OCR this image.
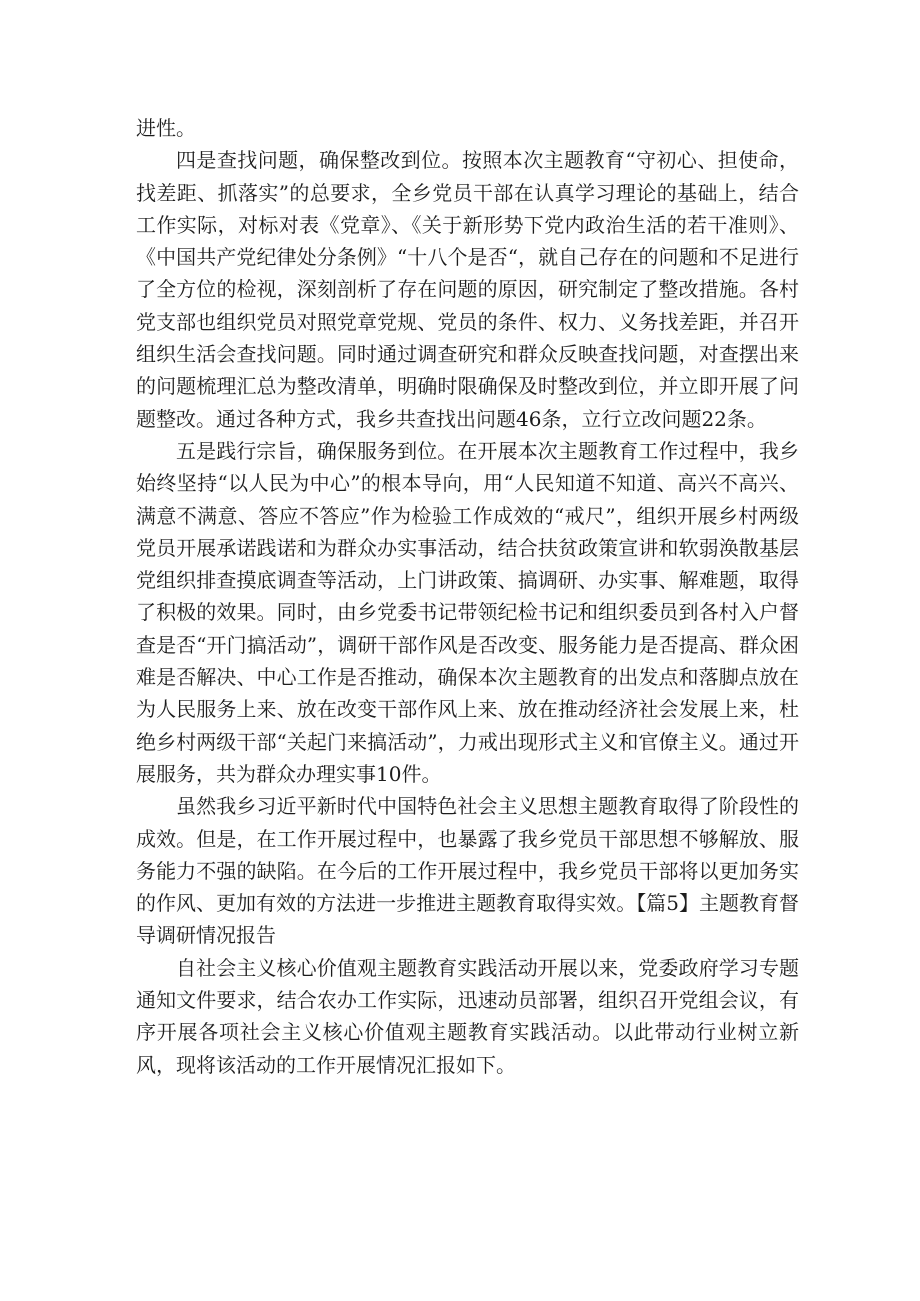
进性。

四是查找问题，确保整改到位。按照本次主题教育“守初心、担使命，找差距、抓落实”的总要求，全乡党员干部在认真学习理论的基础上，结合工作实际，对标对表《党章》、《关于新形势下党内政治生活的若干准则》、《中国共产党纪律处分条例》“十八个是否“，就自己存在的问题和不足进行了全方位的检视，深刻剖析了存在问题的原因，研究制定了整改措施。各村党支部也组织党员对照党章党规、党员的条件、权力、义务找差距，并召开组织生活会查找问题。同时通过调查研究和群众反映查找问题，对查摆出来的问题梳理汇总为整改清单，明确时限确保及时整改到位，并立即开展了问题整改。通过各种方式，我乡共查找出问题46条，立行立改问题22条。

五是践行宗旨，确保服务到位。在开展本次主题教育工作过程中，我乡始终坚持“以人民为中心”的根本导向，用“人民知道不知道、高兴不高兴、满意不满意、答应不答应”作为检验工作成效的“戒尺”，组织开展乡村两级党员开展承诺践诺和为群众办实事活动，结合扶贫政策宣讲和软弱涣散基层党组织排查摸底调查等活动，上门讲政策、搞调研、办实事、解难题，取得了积极的效果。同时，由乡党委书记带领纪检书记和组织委员到各村入户督查是否“开门搞活动”，调研干部作风是否改变、服务能力是否提高、群众困难是否解决、中心工作是否推动，确保本次主题教育的出发点和落脚点放在为人民服务上来、放在改变干部作风上来、放在推动经济社会发展上来，杜绝乡村两级干部“关起门来搞活动”，力戒出现形式主义和官僚主义。通过开展服务，共为群众办理实事10件。

虽然我乡习近平新时代中国特色社会主义思想主题教育取得了阶段性的成效。但是，在工作开展过程中，也暴露了我乡党员干部思想不够解放、服务能力不强的缺陷。在今后的工作开展过程中，我乡党员干部将以更加务实的作风、更加有效的方法进一步推进主题教育取得实效。【篇5】主题教育督导调研情况报告

自社会主义核心价值观主题教育实践活动开展以来，党委政府学习专题通知文件要求，结合农办工作实际，迅速动员部署，组织召开党组会议，有序开展各项社会主义核心价值观主题教育实践活动。以此带动行业树立新风，现将该活动的工作开展情况汇报如下。
